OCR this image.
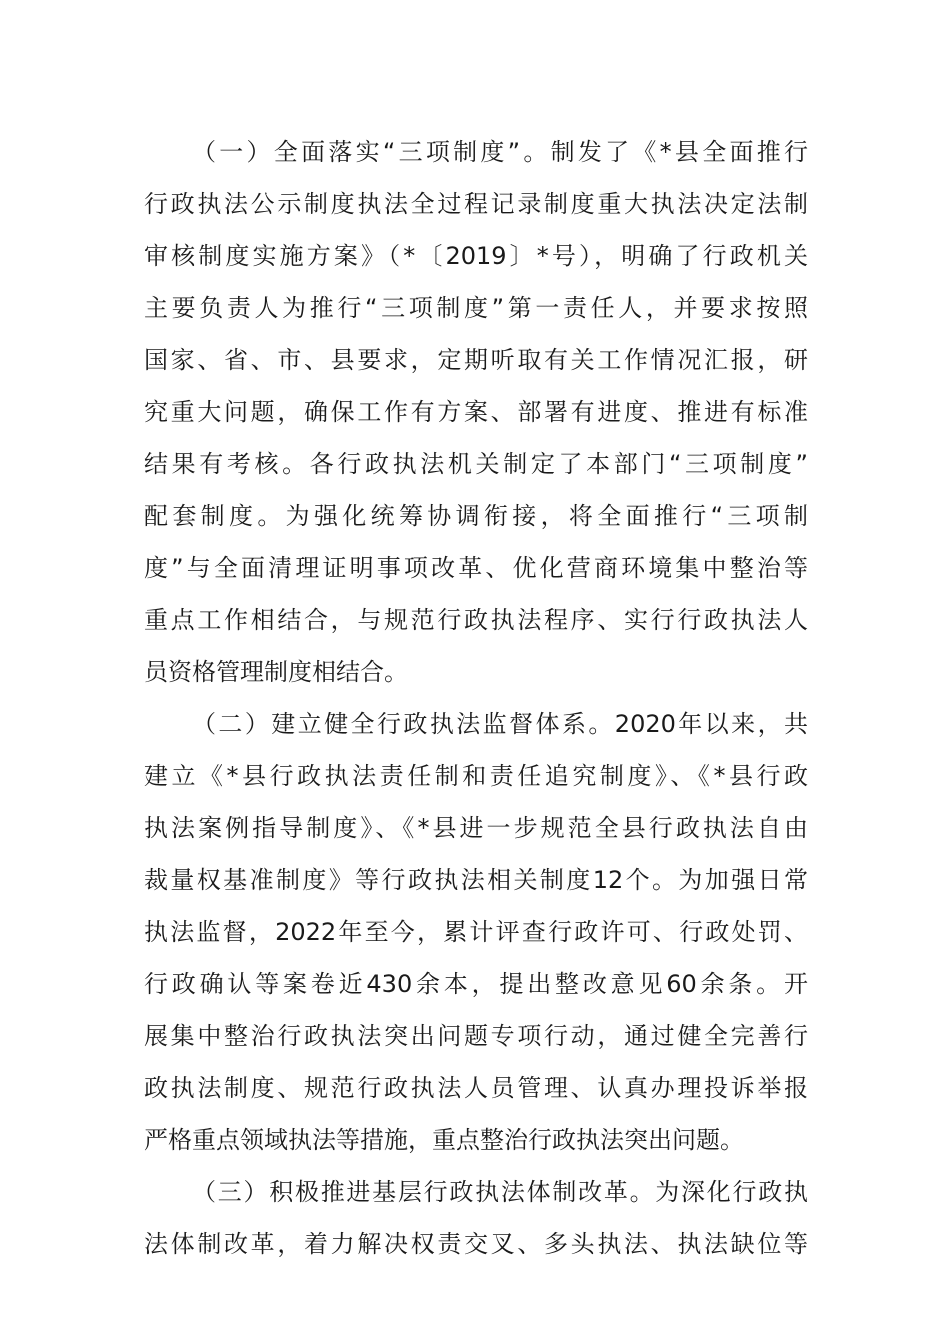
（一）全面落实“三项制度”。制发了《*县全面推行
行政执法公示制度执法全过程记录制度重大执法决定法制
审核制度实施方案》（*〔2019〕*号），明确了行政机关
主要负责人为推行“三项制度”第一责任人，并要求按照
国家、省、市、县要求，定期听取有关工作情况汇报，研
究重大问题，确保工作有方案、部署有进度、推进有标准
结果有考核。各行政执法机关制定了本部门“三项制度”
配套制度。为强化统筹协调衔接，将全面推行“三项制
度”与全面清理证明事项改革、优化营商环境集中整治等
重点工作相结合，与规范行政执法程序、实行行政执法人
员资格管理制度相结合。
（二）建立健全行政执法监督体系。2020年以来，共
建立《*县行政执法责任制和责任追究制度》、《*县行政
执法案例指导制度》、《*县进一步规范全县行政执法自由
裁量权基准制度》等行政执法相关制度12个。为加强日常
执法监督，2022年至今，累计评查行政许可、行政处罚、
行政确认等案卷近430余本，提出整改意见60余条。开
展集中整治行政执法突出问题专项行动，通过健全完善行
政执法制度、规范行政执法人员管理、认真办理投诉举报
严格重点领域执法等措施，重点整治行政执法突出问题。
（三）积极推进基层行政执法体制改革。为深化行政执
法体制改革，着力解决权责交叉、多头执法、执法缺位等
